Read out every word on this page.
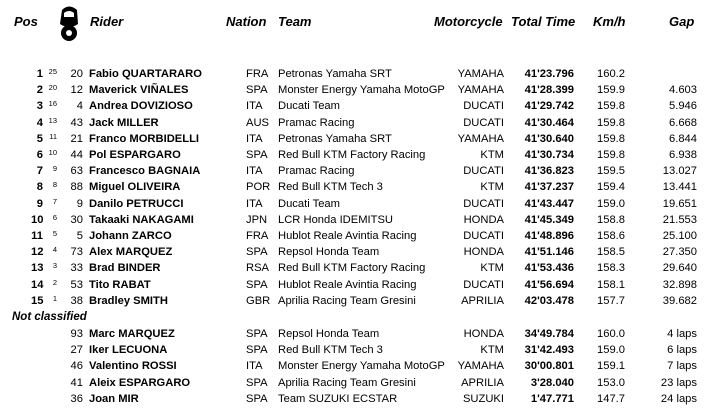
Pos	Rider	Nation Team	Motorcycle Total Time Km/h	Gap
1 25	20 Fabio QUARTARARO	FRA Petronas Yamaha SRT	YAMAHA	41'23.796	160.2
2 20	12 Maverick VIÑALES	SPA Monster Energy Yamaha MotoGP	YAMAHA	41'28.399	159.9	4.603
3 16	4 Andrea DOVIZIOSO	ITA Ducati Team	DUCATI	41'29.742	159.8	5.946
4 13	43 Jack MILLER	AUS Pramac Racing	DUCATI	41'30.464	159.8	6.668
5 11	21 Franco MORBIDELLI	ITA Petronas Yamaha SRT	YAMAHA	41'30.640	159.8	6.844
6 10	44 Pol ESPARGARO	SPA Red Bull KTM Factory Racing	KTM	41'30.734	159.8	6.938
7	9	63 Francesco BAGNAIA	ITA Pramac Racing	DUCATI	41'36.823	159.5	13.027
8	8	88 Miguel OLIVEIRA	POR Red Bull KTM Tech 3	KTM	41'37.237	159.4	13.441
9	7	9 Danilo PETRUCCI	ITA Ducati Team	DUCATI	41'43.447	159.0	19.651
10	6	30 Takaaki NAKAGAMI	JPN LCR Honda IDEMITSU	HONDA	41'45.349	158.8	21.553
11	5	5 Johann ZARCO	FRA Hublot Reale Avintia Racing	DUCATI	41'48.896	158.6	25.100
12	4	73 Alex MARQUEZ	SPA Repsol Honda Team	HONDA	41'51.146	158.5	27.350
13	3	33 Brad BINDER	RSA Red Bull KTM Factory Racing	KTM	41'53.436	158.3	29.640
14	2	53 Tito RABAT	SPA Hublot Reale Avintia Racing	DUCATI	41'56.694	158.1	32.898
15	1	38 Bradley SMITH	GBR Aprilia Racing Team Gresini	APRILIA	42'03.478	157.7	39.682
Not classified
93 Marc MARQUEZ	SPA Repsol Honda Team	HONDA	34'49.784	160.0	4 laps
27 Iker LECUONA	SPA Red Bull KTM Tech 3	KTM	31'42.493	159.0	6 laps
46 Valentino ROSSI	ITA Monster Energy Yamaha MotoGP	YAMAHA	30'00.801	159.1	7 laps
41 Aleix ESPARGARO	SPA Aprilia Racing Team Gresini	APRILIA	3'28.040	153.0	23 laps
36 Joan MIR	SPA Team SUZUKI ECSTAR	SUZUKI	1'47.771	147.7	24 laps
